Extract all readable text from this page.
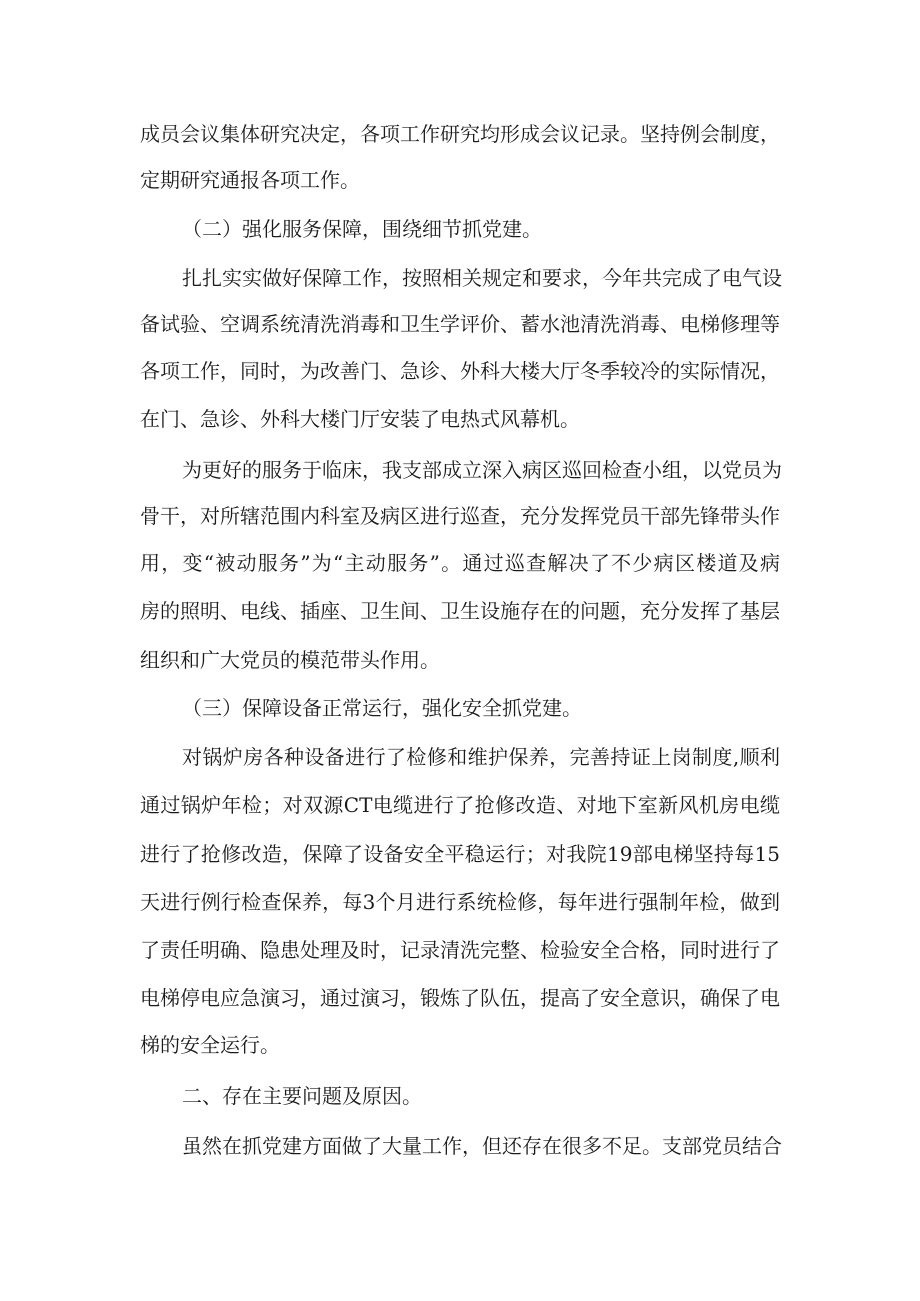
成员会议集体研究决定，各项工作研究均形成会议记录。坚持例会制度，
定期研究通报各项工作。
（二）强化服务保障，围绕细节抓党建。
扎扎实实做好保障工作，按照相关规定和要求，今年共完成了电气设
备试验、空调系统清洗消毒和卫生学评价、蓄水池清洗消毒、电梯修理等
各项工作，同时，为改善门、急诊、外科大楼大厅冬季较冷的实际情况，
在门、急诊、外科大楼门厅安装了电热式风幕机。
为更好的服务于临床，我支部成立深入病区巡回检查小组，以党员为
骨干，对所辖范围内科室及病区进行巡查，充分发挥党员干部先锋带头作
用，变“被动服务”为“主动服务”。通过巡查解决了不少病区楼道及病
房的照明、电线、插座、卫生间、卫生设施存在的问题，充分发挥了基层
组织和广大党员的模范带头作用。
（三）保障设备正常运行，强化安全抓党建。
对锅炉房各种设备进行了检修和维护保养，完善持证上岗制度,顺利
通过锅炉年检；对双源CT电缆进行了抢修改造、对地下室新风机房电缆
进行了抢修改造，保障了设备安全平稳运行；对我院19部电梯坚持每15
天进行例行检查保养，每3个月进行系统检修，每年进行强制年检，做到
了责任明确、隐患处理及时，记录清洗完整、检验安全合格，同时进行了
电梯停电应急演习，通过演习，锻炼了队伍，提高了安全意识，确保了电
梯的安全运行。
二、存在主要问题及原因。
虽然在抓党建方面做了大量工作，但还存在很多不足。支部党员结合
